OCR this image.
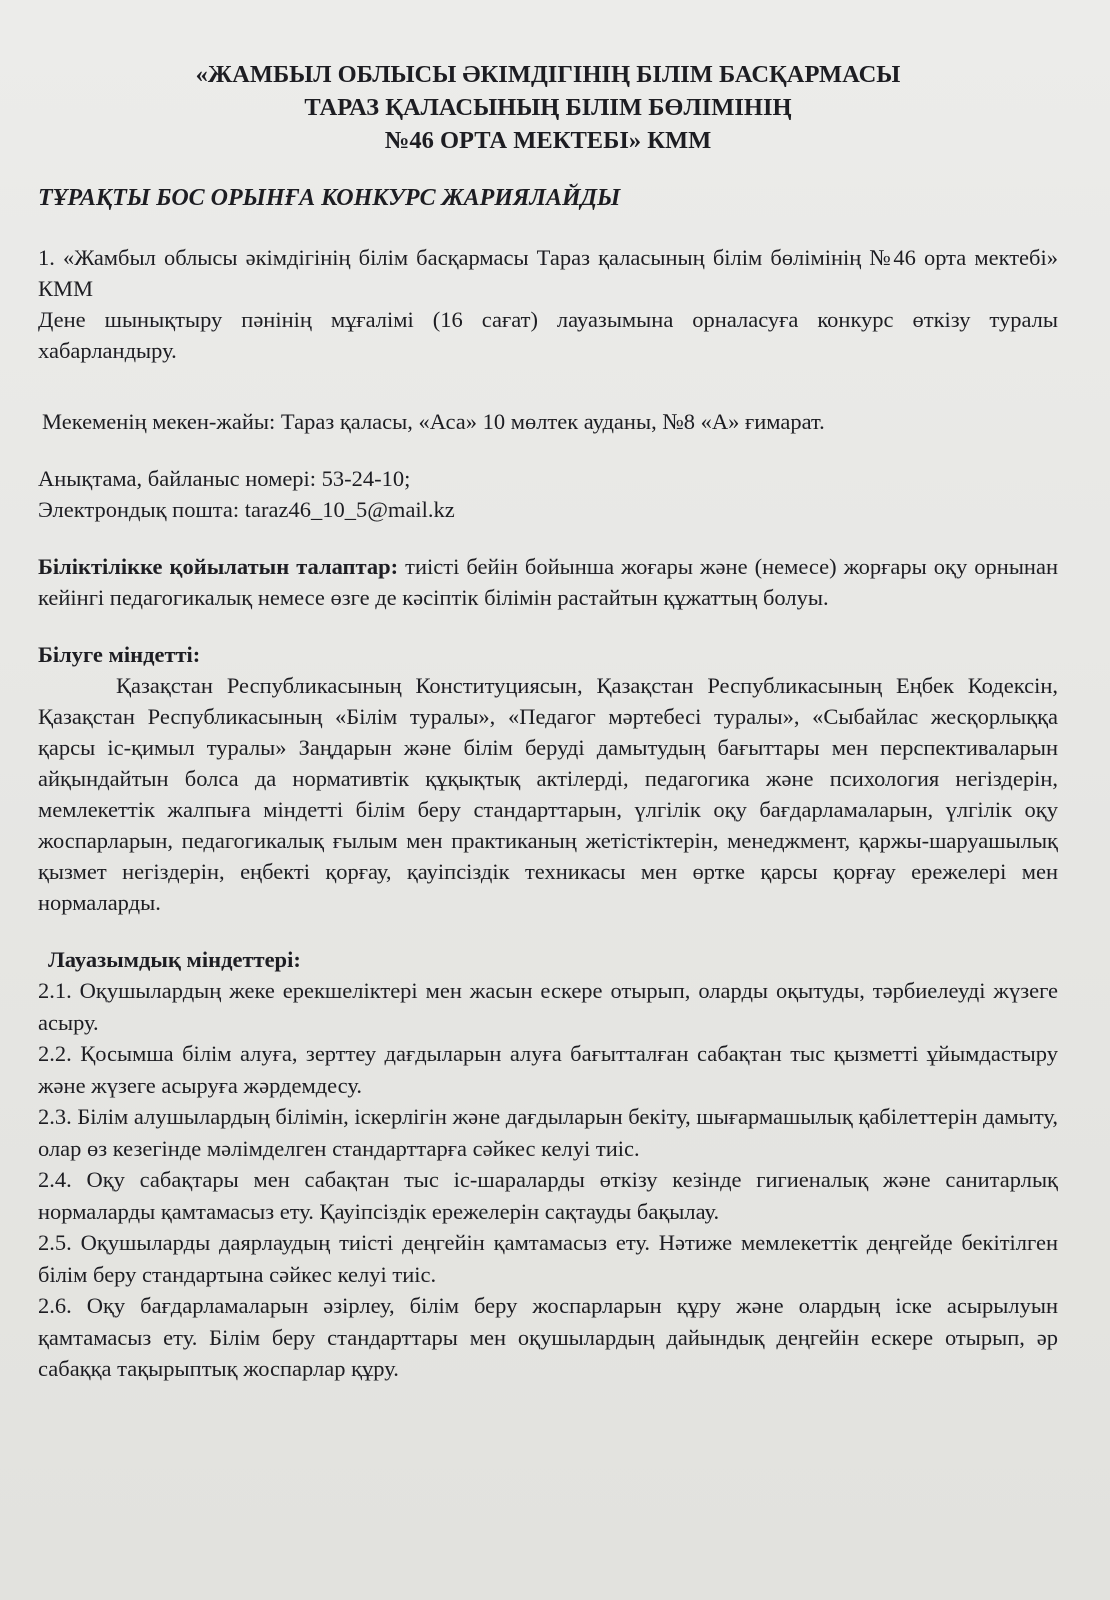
«ЖАМБЫЛ ОБЛЫСЫ ӘКІМДІГІНІҢ БІЛІМ БАСҚАРМАСЫ
ТАРАЗ ҚАЛАСЫНЫҢ БІЛІМ БӨЛІМІНІҢ
№46 ОРТА МЕКТЕБІ» КММ
ТҰРАҚТЫ БОС ОРЫНҒА КОНКУРС ЖАРИЯЛАЙДЫ

1. «Жамбыл облысы әкімдігінің білім басқармасы Тараз қаласының білім бөлімінің №46 орта мектебі» КММ

Дене шынықтыру пәнінің мұғалімі (16 сағат) лауазымына орналасуға конкурс өткізу туралы хабарландыру.

Мекеменің мекен-жайы: Тараз қаласы, «Аса» 10 мөлтек ауданы, №8 «А» ғимарат.

Анықтама, байланыс номері: 53-24-10;

Электрондық пошта: taraz46_10_5@mail.kz

Біліктілікке қойылатын талаптар: тиісті бейін бойынша жоғары және (немесе) жорғары оқу орнынан кейінгі педагогикалық немесе өзге де кәсіптік білімін растайтын құжаттың болуы.

Білуге міндетті:

Қазақстан Республикасының Конституциясын, Қазақстан Республикасының Еңбек Кодексін, Қазақстан Республикасының «Білім туралы», «Педагог мәртебесі туралы», «Сыбайлас жесқорлыққа қарсы іс-қимыл туралы» Заңдарын және білім беруді дамытудың бағыттары мен перспективаларын айқындайтын болса да нормативтік құқықтық актілерді, педагогика және психология негіздерін, мемлекеттік жалпыға міндетті білім беру стандарттарын, үлгілік оқу бағдарламаларын, үлгілік оқу жоспарларын, педагогикалық ғылым мен практиканың жетістіктерін, менеджмент, қаржы-шаруашылық қызмет негіздерін, еңбекті қорғау, қауіпсіздік техникасы мен өртке қарсы қорғау ережелері мен нормаларды.

Лауазымдық міндеттері:

2.1. Оқушылардың жеке ерекшеліктері мен жасын ескере отырып, оларды оқытуды, тәрбиелеуді жүзеге асыру.

2.2. Қосымша білім алуға, зерттеу дағдыларын алуға бағытталған сабақтан тыс қызметті ұйымдастыру және жүзеге асыруға жәрдемдесу.

2.3. Білім алушылардың білімін, іскерлігін және дағдыларын бекіту, шығармашылық қабілеттерін дамыту, олар өз кезегінде мәлімделген стандарттарға сәйкес келуі тиіс.

2.4. Оқу сабақтары мен сабақтан тыс іс-шараларды өткізу кезінде гигиеналық және санитарлық нормаларды қамтамасыз ету. Қауіпсіздік ережелерін сақтауды бақылау.

2.5. Оқушыларды даярлаудың тиісті деңгейін қамтамасыз ету. Нәтиже мемлекеттік деңгейде бекітілген білім беру стандартына сәйкес келуі тиіс.

2.6. Оқу бағдарламаларын әзірлеу, білім беру жоспарларын құру және олардың іске асырылуын қамтамасыз ету. Білім беру стандарттары мен оқушылардың дайындық деңгейін ескере отырып, әр сабаққа тақырыптық жоспарлар құру.
